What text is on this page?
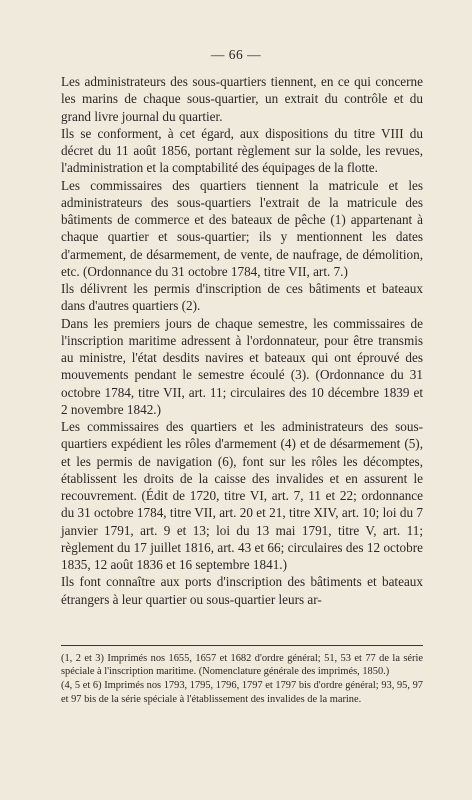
— 66 —

Les administrateurs des sous-quartiers tiennent, en ce qui concerne les marins de chaque sous-quartier, un extrait du contrôle et du grand livre journal du quartier.

Ils se conforment, à cet égard, aux dispositions du titre VIII du décret du 11 août 1856, portant règlement sur la solde, les revues, l'administration et la comptabilité des équipages de la flotte.

Les commissaires des quartiers tiennent la matricule et les administrateurs des sous-quartiers l'extrait de la matricule des bâtiments de commerce et des bateaux de pêche (1) appartenant à chaque quartier et sous-quartier; ils y mentionnent les dates d'armement, de désarmement, de vente, de naufrage, de démolition, etc. (Ordonnance du 31 octobre 1784, titre VII, art. 7.)

Ils délivrent les permis d'inscription de ces bâtiments et bateaux dans d'autres quartiers (2).

Dans les premiers jours de chaque semestre, les commissaires de l'inscription maritime adressent à l'ordonnateur, pour être transmis au ministre, l'état desdits navires et bateaux qui ont éprouvé des mouvements pendant le semestre écoulé (3). (Ordonnance du 31 octobre 1784, titre VII, art. 11; circulaires des 10 décembre 1839 et 2 novembre 1842.)

Les commissaires des quartiers et les administrateurs des sous-quartiers expédient les rôles d'armement (4) et de désarmement (5), et les permis de navigation (6), font sur les rôles les décomptes, établissent les droits de la caisse des invalides et en assurent le recouvrement. (Édit de 1720, titre VI, art. 7, 11 et 22; ordonnance du 31 octobre 1784, titre VII, art. 20 et 21, titre XIV, art. 10; loi du 7 janvier 1791, art. 9 et 13; loi du 13 mai 1791, titre V, art. 11; règlement du 17 juillet 1816, art. 43 et 66; circulaires des 12 octobre 1835, 12 août 1836 et 16 septembre 1841.)

Ils font connaître aux ports d'inscription des bâtiments et bateaux étrangers à leur quartier ou sous-quartier leurs ar-

(1, 2 et 3) Imprimés nos 1655, 1657 et 1682 d'ordre général; 51, 53 et 77 de la série spéciale à l'inscription maritime. (Nomenclature générale des imprimés, 1850.)

(4, 5 et 6) Imprimés nos 1793, 1795, 1796, 1797 et 1797 bis d'ordre général; 93, 95, 97 et 97 bis de la série spéciale à l'établissement des invalides de la marine.
